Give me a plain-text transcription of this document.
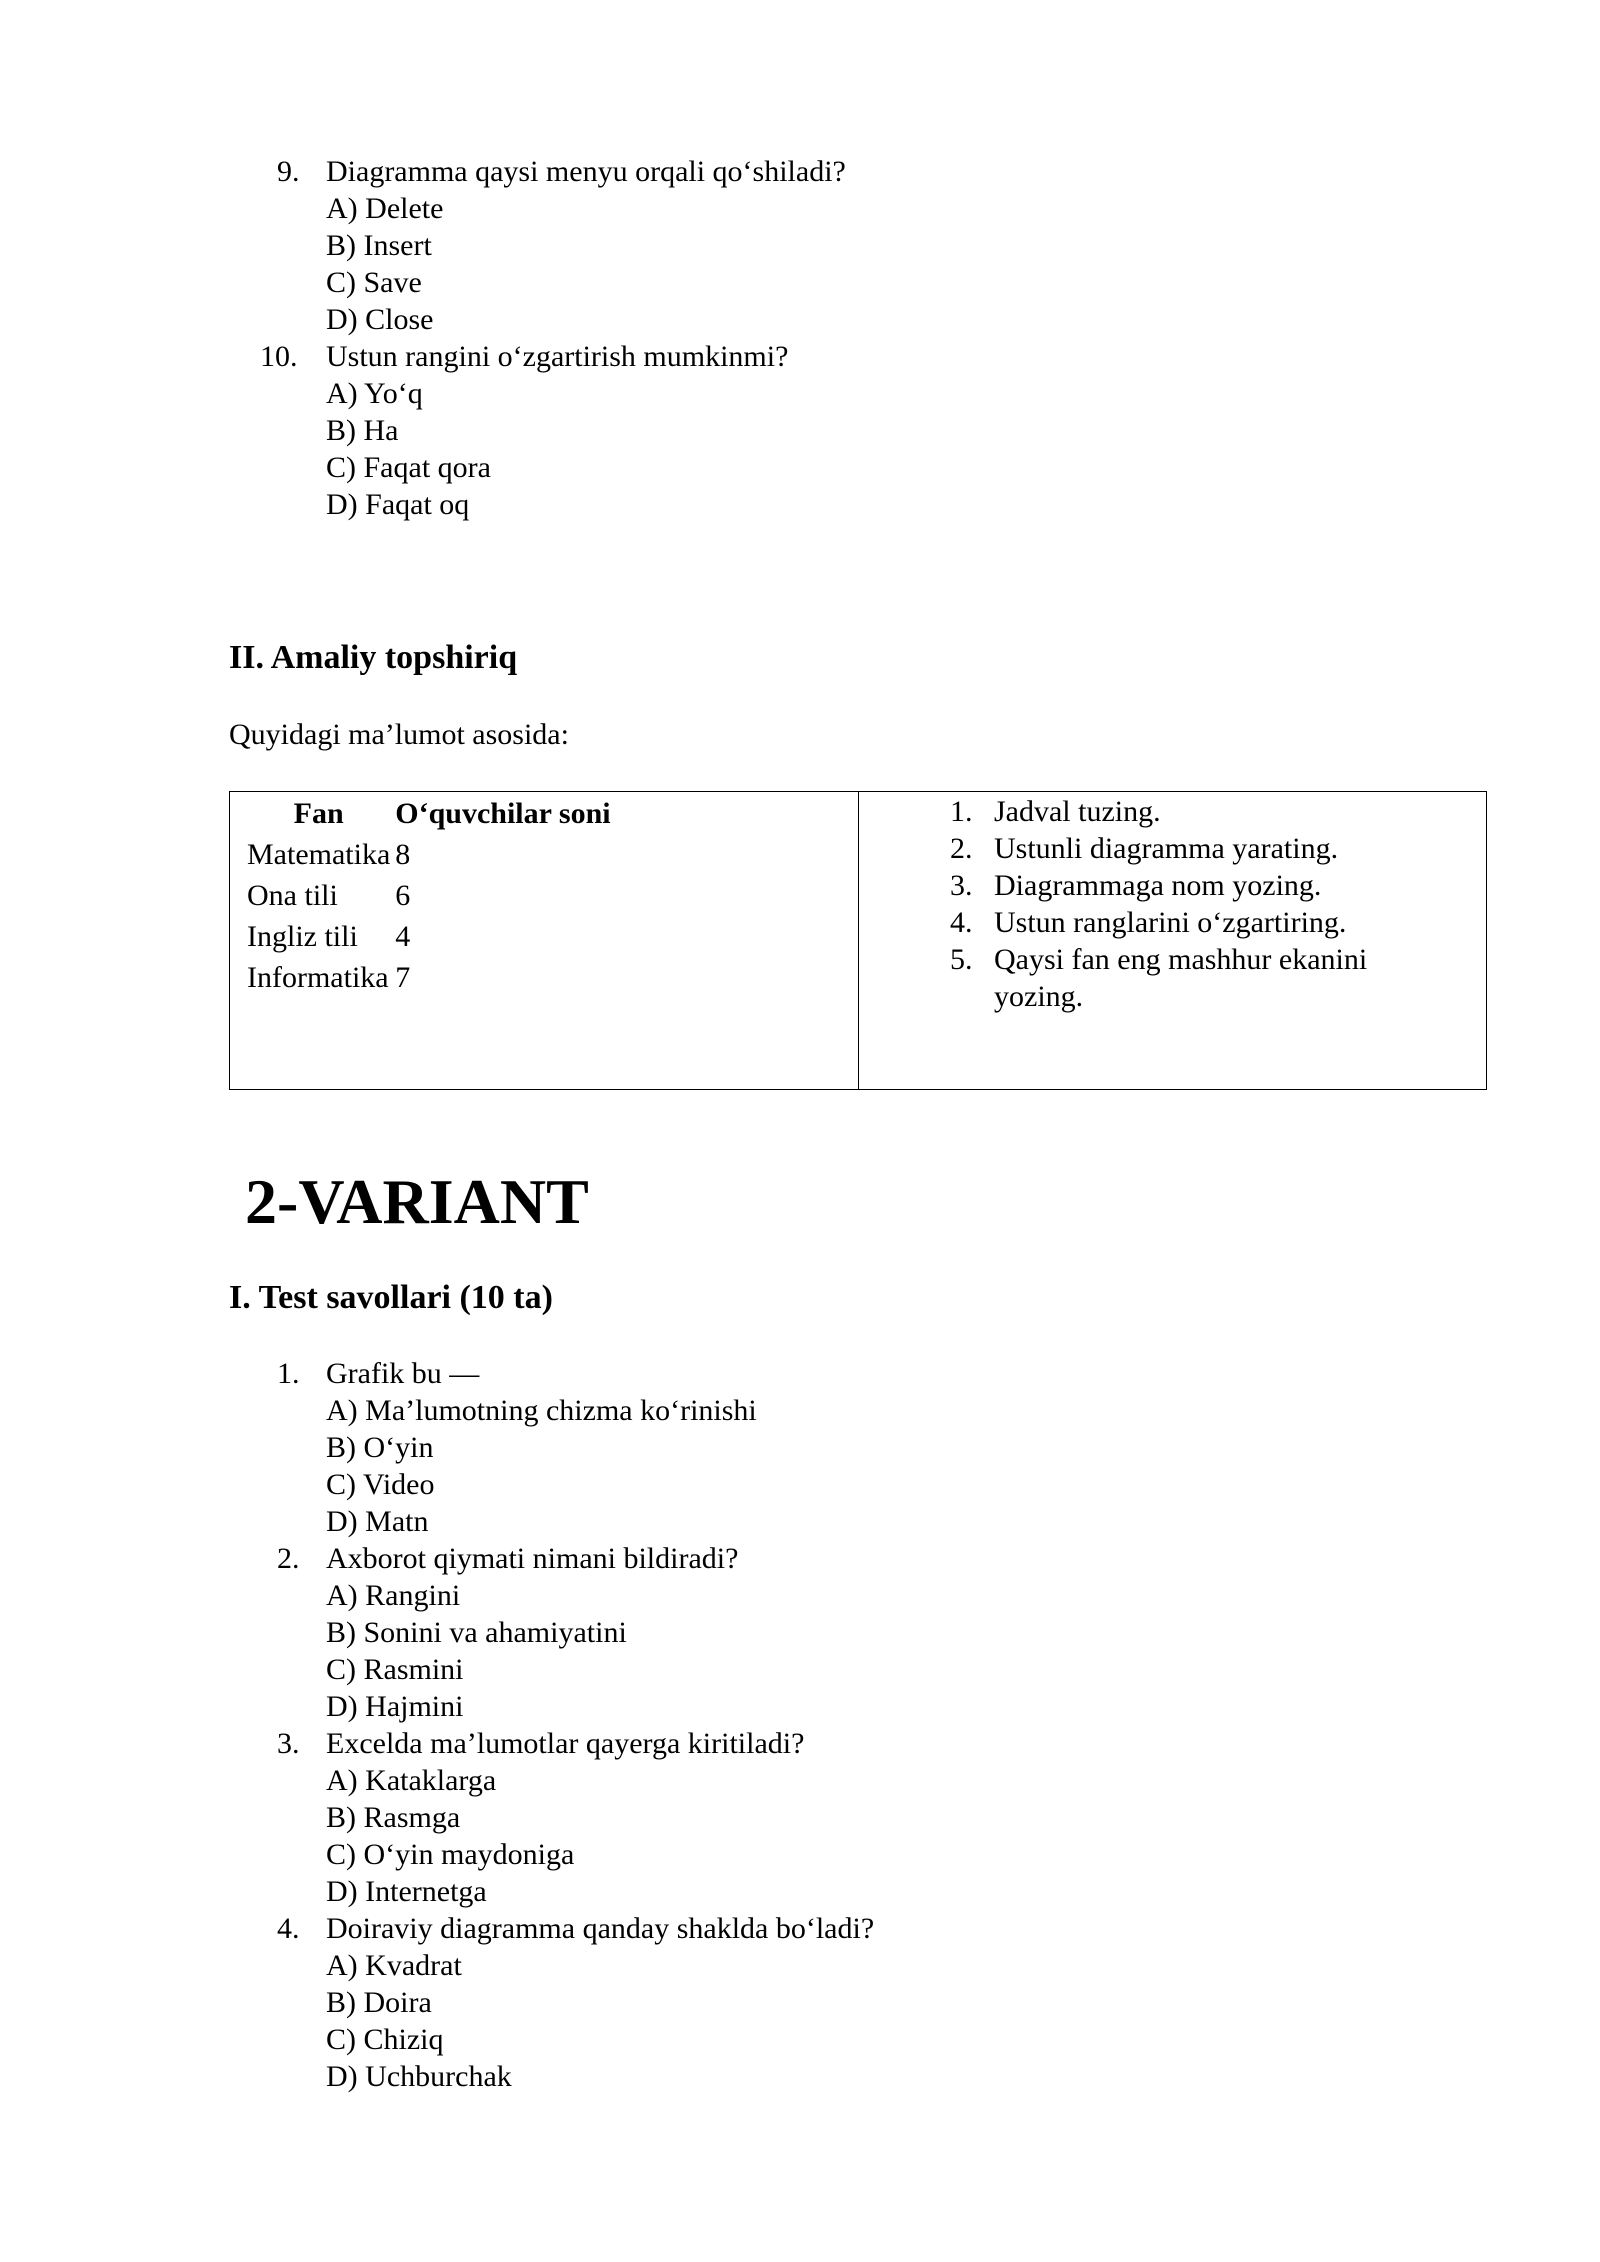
9. Diagramma qaysi menyu orqali qo‘shiladi?
A) Delete
B) Insert
C) Save
D) Close
10. Ustun rangini o‘zgartirish mumkinmi?
A) Yo‘q
B) Ha
C) Faqat qora
D) Faqat oq
II. Amaliy topshiriq

Quyidagi ma’lumot asosida:

Fan	O‘quvchilar soni
Matematika	8
Ona tili	6
Ingliz tili	4
Informatika	7
1. Jadval tuzing.
2. Ustunli diagramma yarating.
3. Diagrammaga nom yozing.
4. Ustun ranglarini o‘zgartiring.
5. Qaysi fan eng mashhur ekanini yozing.
2-VARIANT
I. Test savollari (10 ta)
1. Grafik bu —
A) Ma’lumotning chizma ko‘rinishi
B) O‘yin
C) Video
D) Matn
2. Axborot qiymati nimani bildiradi?
A) Rangini
B) Sonini va ahamiyatini
C) Rasmini
D) Hajmini
3. Excelda ma’lumotlar qayerga kiritiladi?
A) Kataklarga
B) Rasmga
C) O‘yin maydoniga
D) Internetga
4. Doiraviy diagramma qanday shaklda bo‘ladi?
A) Kvadrat
B) Doira
C) Chiziq
D) Uchburchak
